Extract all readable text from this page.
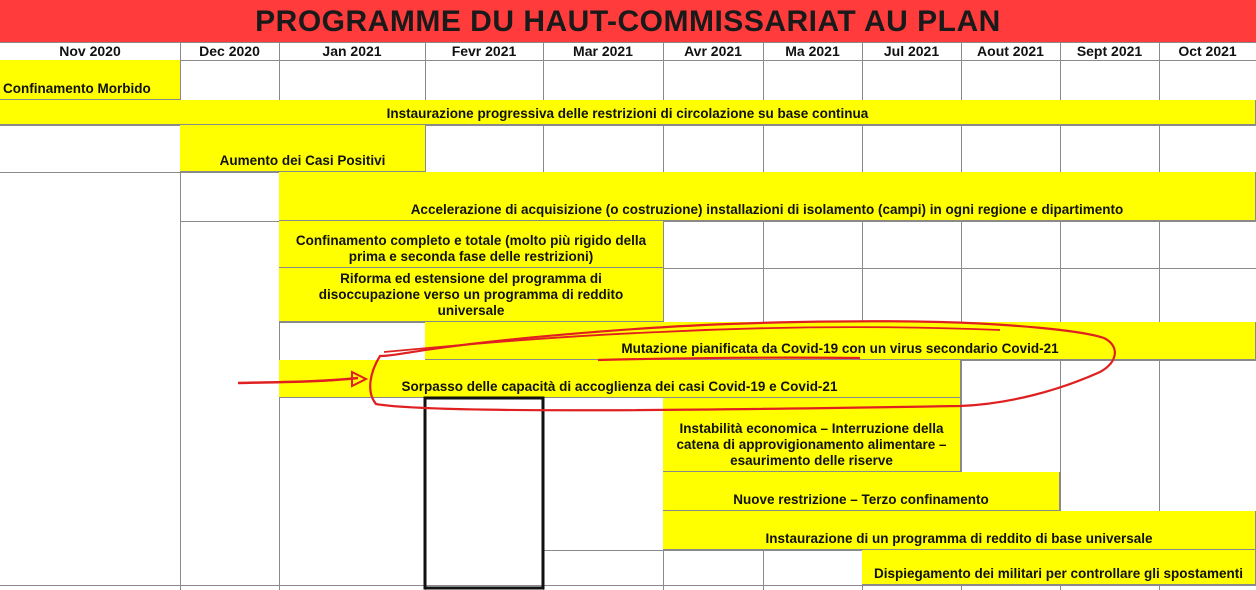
PROGRAMME DU HAUT-COMMISSARIAT AU PLAN
Nov 2020	Dec 2020	Jan 2021	Fevr 2021	Mar 2021	Avr 2021	Ma 2021	Jul 2021	Aout 2021	Sept 2021	Oct 2021
Confinamento Morbido
Instaurazione progressiva delle restrizioni di circolazione su base continua
Aumento dei Casi Positivi
Accelerazione di acquisizione (o costruzione) installazioni di isolamento (campi) in ogni regione e dipartimento
Confinamento completo e totale (molto più rigido della prima e seconda fase delle restrizioni)
Riforma ed estensione del programma di disoccupazione verso un programma di reddito universale
Mutazione pianificata da Covid-19 con un virus secondario Covid-21
Sorpasso delle capacità di accoglienza dei casi Covid-19 e Covid-21
Instabilità economica – Interruzione della catena di approvigionamento alimentare – esaurimento delle riserve
Nuove restrizione – Terzo confinamento
Instaurazione di un programma di reddito di base universale
Dispiegamento dei militari per controllare gli spostamenti
